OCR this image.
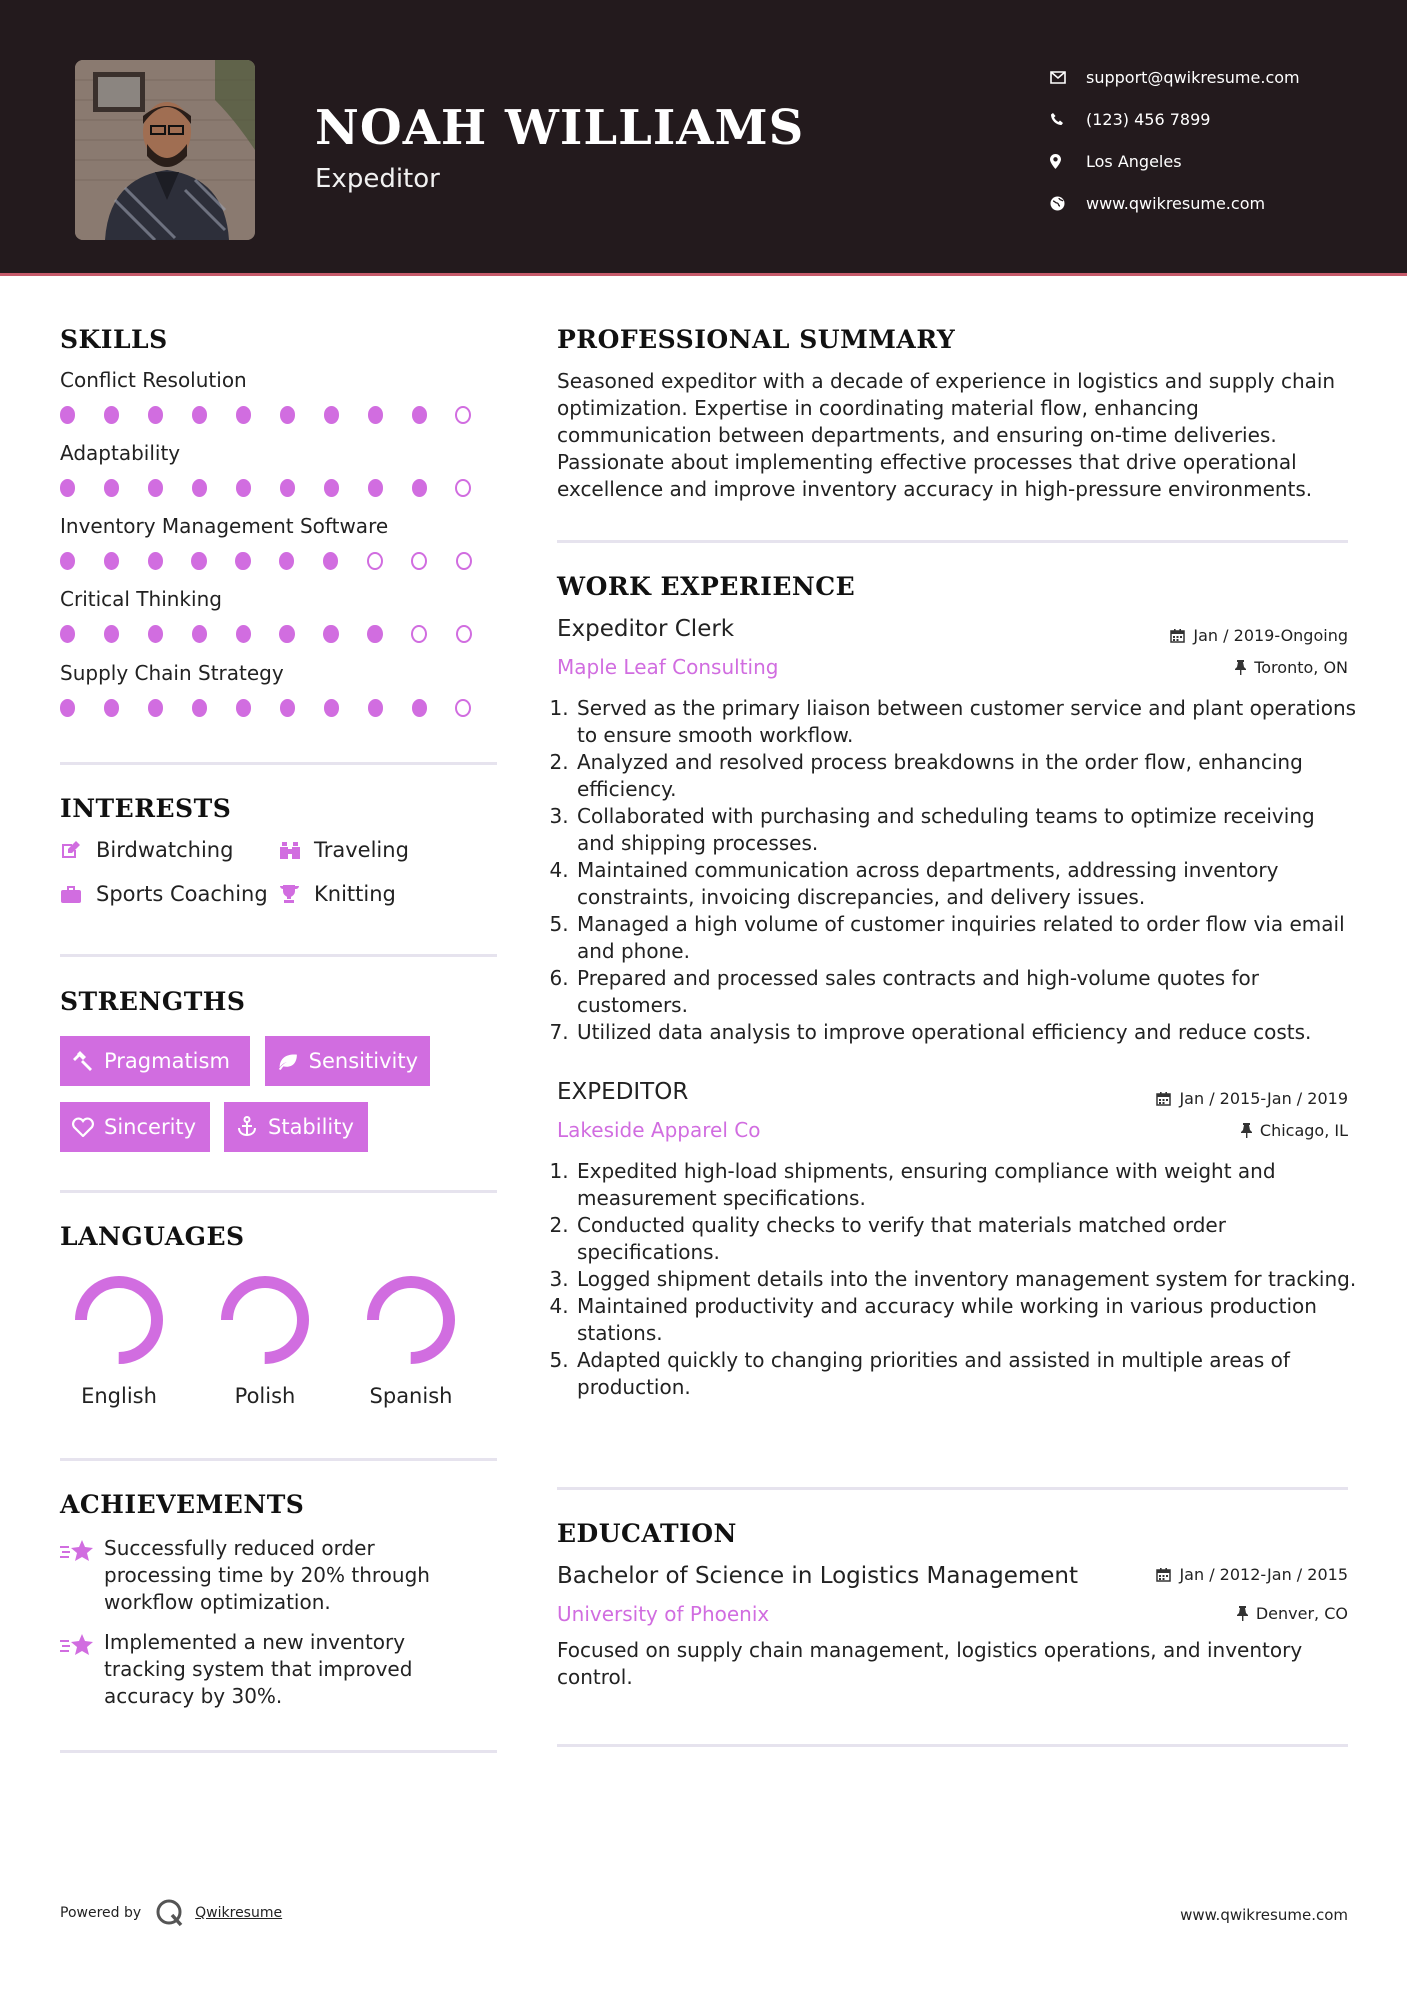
NOAH WILLIAMS
Expeditor
support@qwikresume.com
(123) 456 7899
Los Angeles
www.qwikresume.com
SKILLS
Conflict Resolution
Adaptability
Inventory Management Software
Critical Thinking
Supply Chain Strategy
INTERESTS
Birdwatching	Traveling
Sports Coaching Knitting
STRENGTHS
Pragmatism	Sensitivity
Sincerity	Stability
LANGUAGES
English	Polish	Spanish
ACHIEVEMENTS
Successfully reduced order processing time by 20% through workflow optimization.
Implemented a new inventory tracking system that improved accuracy by 30%.
PROFESSIONAL SUMMARY
Seasoned expeditor with a decade of experience in logistics and supply chain optimization. Expertise in coordinating material flow, enhancing communication between departments, and ensuring on-time deliveries. Passionate about implementing effective processes that drive operational excellence and improve inventory accuracy in high-pressure environments.
WORK EXPERIENCE
Expeditor Clerk	Jan / 2019-Ongoing
Maple Leaf Consulting	Toronto, ON
1. Served as the primary liaison between customer service and plant operations to ensure smooth workflow.
2. Analyzed and resolved process breakdowns in the order flow, enhancing efficiency.
3. Collaborated with purchasing and scheduling teams to optimize receiving and shipping processes.
4. Maintained communication across departments, addressing inventory constraints, invoicing discrepancies, and delivery issues.
5. Managed a high volume of customer inquiries related to order flow via email and phone.
6. Prepared and processed sales contracts and high-volume quotes for customers.
7. Utilized data analysis to improve operational efficiency and reduce costs.
EXPEDITOR	Jan / 2015-Jan / 2019
Lakeside Apparel Co	Chicago, IL
1. Expedited high-load shipments, ensuring compliance with weight and measurement specifications.
2. Conducted quality checks to verify that materials matched order specifications.
3. Logged shipment details into the inventory management system for tracking.
4. Maintained productivity and accuracy while working in various production stations.
5. Adapted quickly to changing priorities and assisted in multiple areas of production.
EDUCATION
Bachelor of Science in Logistics Management	Jan / 2012-Jan / 2015
University of Phoenix	Denver, CO
Focused on supply chain management, logistics operations, and inventory control.
Powered by	Qwikresume	www.qwikresume.com
